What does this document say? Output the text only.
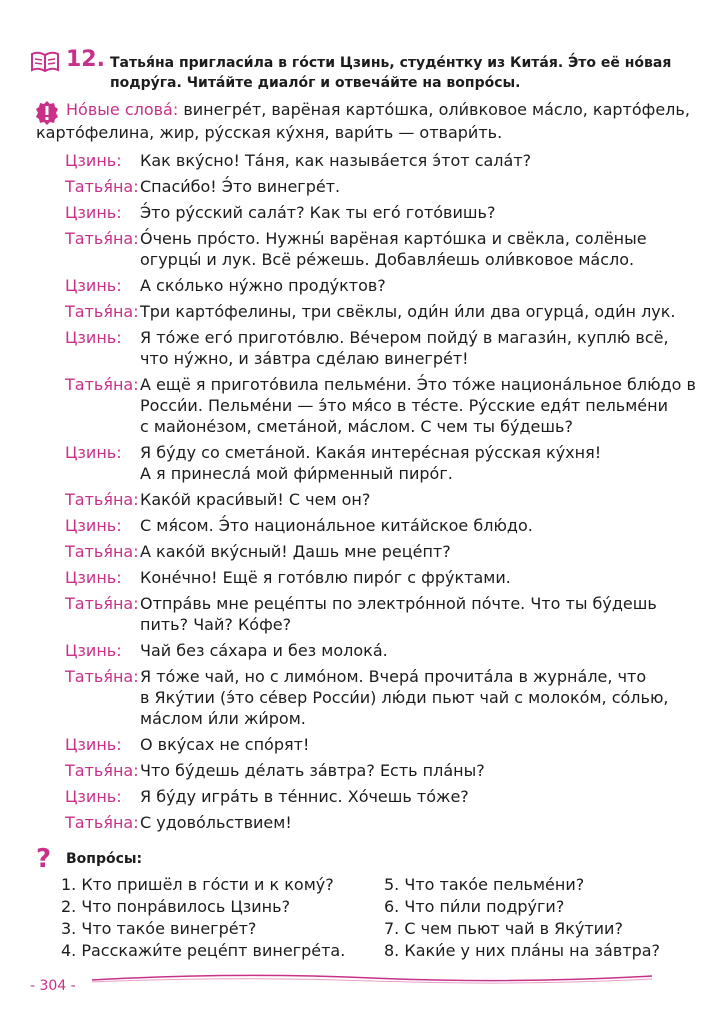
12. Татья́на пригласи́ла в го́сти Цзинь, студе́нтку из Кита́я. Э́то её но́вая
подру́га. Чита́йте диало́г и отвеча́йте на вопро́сы.
Но́вые слова́: винегре́т, варёная карто́шка, оли́вковое ма́сло, карто́фель,
карто́фелина, жир, ру́сская ку́хня, вари́ть — отвари́ть.
Цзинь: Как вку́сно! Та́ня, как называ́ется э́тот сала́т?
Татья́на: Спаси́бо! Э́то винегре́т.
Цзинь: Э́то ру́сский сала́т? Как ты его́ гото́вишь?
Татья́на: О́чень про́сто. Нужны́ варёная карто́шка и свёкла, солёные
огурцы́ и лук. Всё ре́жешь. Добавля́ешь оли́вковое ма́сло.
Цзинь: А ско́лько ну́жно проду́ктов?
Татья́на: Три карто́фелины, три свёклы, оди́н и́ли два огурца́, оди́н лук.
Цзинь: Я то́же его́ пригото́влю. Ве́чером пойду́ в магази́н, куплю́ всё,
что ну́жно, и за́втра сде́лаю винегре́т!
Татья́на: А ещё я пригото́вила пельме́ни. Э́то то́же национа́льное блю́до в
Росси́и. Пельме́ни — э́то мя́со в те́сте. Ру́сские едя́т пельме́ни
с майонéзом, смета́ной, ма́слом. С чем ты бу́дешь?
Цзинь: Я бу́ду со смета́ной. Кака́я интере́сная ру́сская ку́хня!
А я принесла́ мой фи́рменный пиро́г.
Татья́на: Како́й краси́вый! С чем он?
Цзинь: С мя́сом. Э́то национа́льное кита́йское блю́до.
Татья́на: А како́й вку́сный! Дашь мне реце́пт?
Цзинь: Коне́чно! Ещё я гото́влю пиро́г с фру́ктами.
Татья́на: Отпра́вь мне реце́пты по электро́нной по́чте. Что ты бу́дешь
пить? Чай? Ко́фе?
Цзинь: Чай без са́хара и без молока́.
Татья́на: Я то́же чай, но с лимо́ном. Вчера́ прочита́ла в журна́ле, что
в Яку́тии (э́то се́вер Росси́и) лю́ди пьют чай с молоко́м, со́лью,
ма́слом и́ли жи́ром.
Цзинь: О вку́сах не спо́рят!
Татья́на: Что бу́дешь де́лать за́втра? Есть пла́ны?
Цзинь: Я бу́ду игра́ть в те́ннис. Хо́чешь то́же?
Татья́на: С удово́льствием!
? Вопро́сы:
1. Кто пришёл в го́сти и к кому́?
2. Что понра́вилось Цзинь?
3. Что тако́е винегре́т?
4. Расскажи́те реце́пт винегре́та.
5. Что тако́е пельме́ни?
6. Что пи́ли подру́ги?
7. С чем пьют чай в Яку́тии?
8. Каки́е у них пла́ны на за́втра?
- 304 -
